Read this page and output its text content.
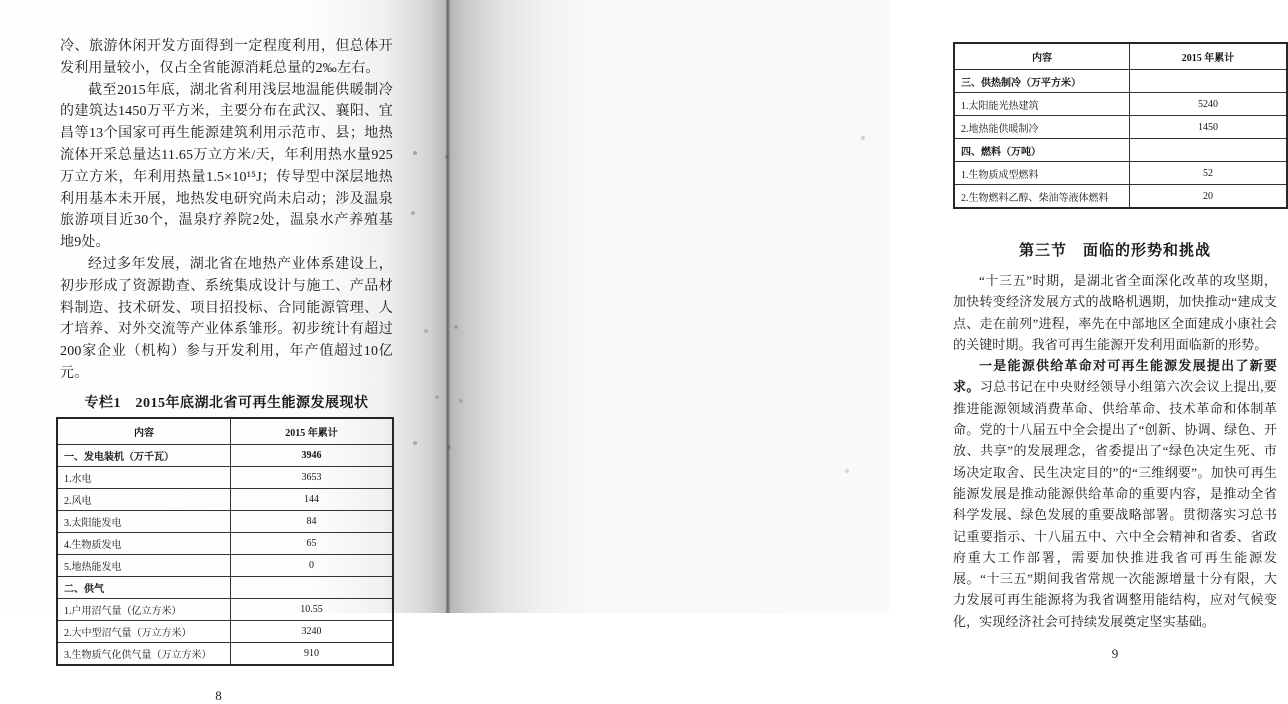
冷、旅游休闲开发方面得到一定程度利用，但总体开发利用量较小，仅占全省能源消耗总量的2‰左右。

截至2015年底，湖北省利用浅层地温能供暖制冷的建筑达1450万平方米，主要分布在武汉、襄阳、宜昌等13个国家可再生能源建筑利用示范市、县；地热流体开采总量达11.65万立方米/天，年利用热水量925万立方米，年利用热量1.5×10¹⁵J；传导型中深层地热利用基本未开展，地热发电研究尚未启动；涉及温泉旅游项目近30个，温泉疗养院2处，温泉水产养殖基地9处。

经过多年发展，湖北省在地热产业体系建设上，初步形成了资源勘查、系统集成设计与施工、产品材料制造、技术研发、项目招投标、合同能源管理、人才培养、对外交流等产业体系雏形。初步统计有超过200家企业（机构）参与开发利用，年产值超过10亿元。

专栏1　2015年底湖北省可再生能源发展现状
内容	2015 年累计
一、发电装机（万千瓦）	3946
1.水电	3653
2.风电	144
3.太阳能发电	84
4.生物质发电	65
5.地热能发电	0
二、供气	
1.户用沼气量（亿立方米）	10.55
2.大中型沼气量（万立方米）	3240
3.生物质气化供气量（万立方米）	910
8
内容	2015 年累计
三、供热制冷（万平方米）	
1.太阳能光热建筑	5240
2.地热能供暖制冷	1450
四、燃料（万吨）	
1.生物质成型燃料	52
2.生物燃料乙醇、柴油等液体燃料	20
第三节　面临的形势和挑战

“十三五”时期，是湖北省全面深化改革的攻坚期，加快转变经济发展方式的战略机遇期，加快推动“建成支点、走在前列”进程，率先在中部地区全面建成小康社会的关键时期。我省可再生能源开发利用面临新的形势。

一是能源供给革命对可再生能源发展提出了新要求。习总书记在中央财经领导小组第六次会议上提出,要推进能源领域消费革命、供给革命、技术革命和体制革命。党的十八届五中全会提出了“创新、协调、绿色、开放、共享”的发展理念，省委提出了“绿色决定生死、市场决定取舍、民生决定目的”的“三维纲要”。加快可再生能源发展是推动能源供给革命的重要内容，是推动全省科学发展、绿色发展的重要战略部署。贯彻落实习总书记重要指示、十八届五中、六中全会精神和省委、省政府重大工作部署，需要加快推进我省可再生能源发展。“十三五”期间我省常规一次能源增量十分有限，大力发展可再生能源将为我省调整用能结构，应对气候变化，实现经济社会可持续发展奠定坚实基础。

9
